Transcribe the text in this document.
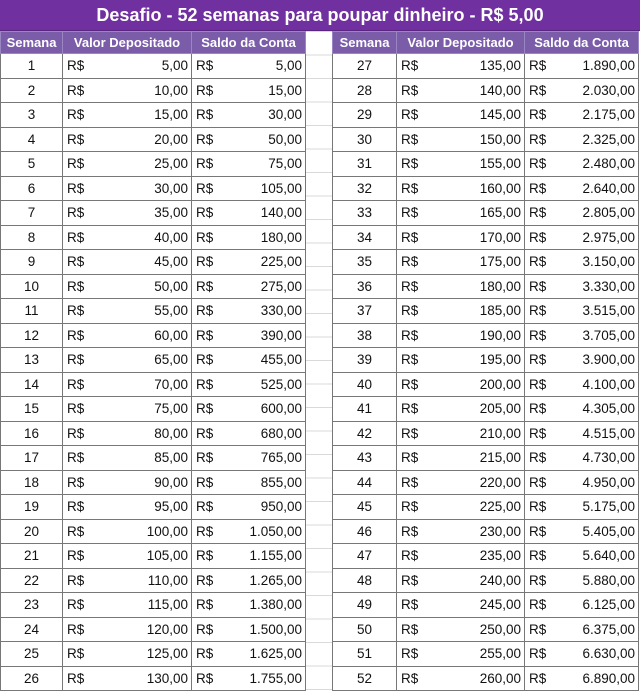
Desafio - 52 semanas para poupar dinheiro - R$ 5,00
Semana	Valor Depositado	Saldo da Conta
1	R$ 5,00	R$ 5,00

2	R$ 10,00	R$ 15,00

3	R$ 15,00	R$ 30,00

4	R$ 20,00	R$ 50,00

5	R$ 25,00	R$ 75,00

6	R$ 30,00	R$ 105,00

7	R$ 35,00	R$ 140,00

8	R$ 40,00	R$ 180,00

9	R$ 45,00	R$ 225,00

10	R$ 50,00	R$ 275,00

11	R$ 55,00	R$ 330,00

12	R$ 60,00	R$ 390,00

13	R$ 65,00	R$ 455,00

14	R$ 70,00	R$ 525,00

15	R$ 75,00	R$ 600,00

16	R$ 80,00	R$ 680,00

17	R$ 85,00	R$ 765,00

18	R$ 90,00	R$ 855,00

19	R$ 95,00	R$ 950,00

20	R$ 100,00	R$ 1.050,00

21	R$ 105,00	R$ 1.155,00

22	R$ 110,00	R$ 1.265,00

23	R$ 115,00	R$ 1.380,00

24	R$ 120,00	R$ 1.500,00

25	R$ 125,00	R$ 1.625,00

26	R$ 130,00	R$ 1.755,00
Semana	Valor Depositado	Saldo da Conta
27	R$ 135,00	R$ 1.890,00

28	R$ 140,00	R$ 2.030,00

29	R$ 145,00	R$ 2.175,00

30	R$ 150,00	R$ 2.325,00

31	R$ 155,00	R$ 2.480,00

32	R$ 160,00	R$ 2.640,00

33	R$ 165,00	R$ 2.805,00

34	R$ 170,00	R$ 2.975,00

35	R$ 175,00	R$ 3.150,00

36	R$ 180,00	R$ 3.330,00

37	R$ 185,00	R$ 3.515,00

38	R$ 190,00	R$ 3.705,00

39	R$ 195,00	R$ 3.900,00

40	R$ 200,00	R$ 4.100,00

41	R$ 205,00	R$ 4.305,00

42	R$ 210,00	R$ 4.515,00

43	R$ 215,00	R$ 4.730,00

44	R$ 220,00	R$ 4.950,00

45	R$ 225,00	R$ 5.175,00

46	R$ 230,00	R$ 5.405,00

47	R$ 235,00	R$ 5.640,00

48	R$ 240,00	R$ 5.880,00

49	R$ 245,00	R$ 6.125,00

50	R$ 250,00	R$ 6.375,00

51	R$ 255,00	R$ 6.630,00

52	R$ 260,00	R$ 6.890,00
